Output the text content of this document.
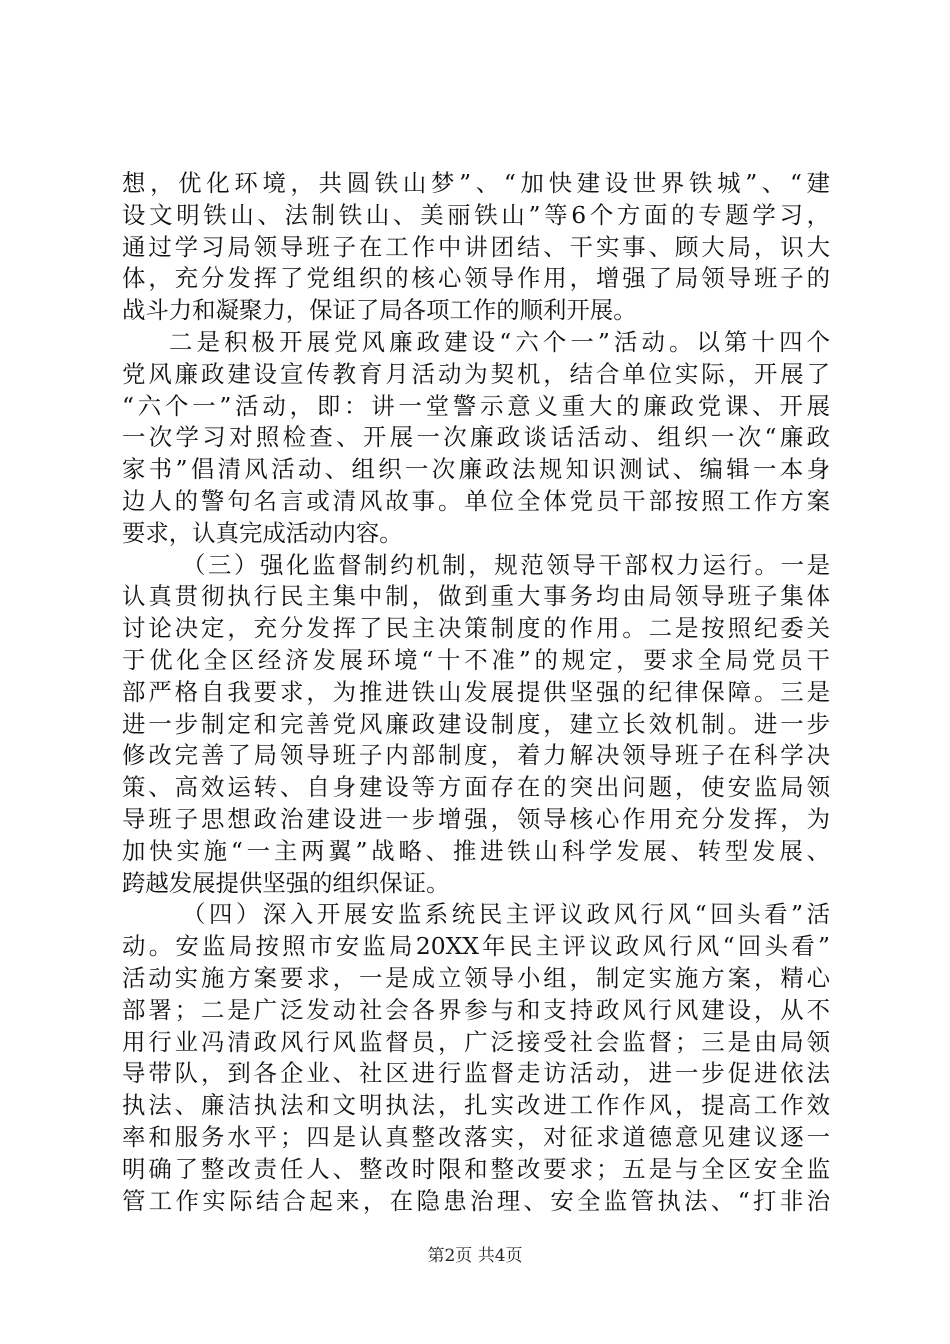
想，优化环境，共圆铁山梦”、“加快建设世界铁城”、“建
设文明铁山、法制铁山、美丽铁山”等6个方面的专题学习，
通过学习局领导班子在工作中讲团结、干实事、顾大局，识大
体，充分发挥了党组织的核心领导作用，增强了局领导班子的
战斗力和凝聚力，保证了局各项工作的顺利开展。
二是积极开展党风廉政建设“六个一”活动。以第十四个
党风廉政建设宣传教育月活动为契机，结合单位实际，开展了
“六个一”活动，即：讲一堂警示意义重大的廉政党课、开展
一次学习对照检查、开展一次廉政谈话活动、组织一次“廉政
家书”倡清风活动、组织一次廉政法规知识测试、编辑一本身
边人的警句名言或清风故事。单位全体党员干部按照工作方案
要求，认真完成活动内容。
（三）强化监督制约机制，规范领导干部权力运行。一是
认真贯彻执行民主集中制，做到重大事务均由局领导班子集体
讨论决定，充分发挥了民主决策制度的作用。二是按照纪委关
于优化全区经济发展环境“十不准”的规定，要求全局党员干
部严格自我要求，为推进铁山发展提供坚强的纪律保障。三是
进一步制定和完善党风廉政建设制度，建立长效机制。进一步
修改完善了局领导班子内部制度，着力解决领导班子在科学决
策、高效运转、自身建设等方面存在的突出问题，使安监局领
导班子思想政治建设进一步增强，领导核心作用充分发挥，为
加快实施“一主两翼”战略、推进铁山科学发展、转型发展、
跨越发展提供坚强的组织保证。
（四）深入开展安监系统民主评议政风行风“回头看”活
动。安监局按照市安监局20XX年民主评议政风行风“回头看”
活动实施方案要求，一是成立领导小组，制定实施方案，精心
部署；二是广泛发动社会各界参与和支持政风行风建设，从不
用行业冯清政风行风监督员，广泛接受社会监督；三是由局领
导带队，到各企业、社区进行监督走访活动，进一步促进依法
执法、廉洁执法和文明执法，扎实改进工作作风，提高工作效
率和服务水平；四是认真整改落实，对征求道德意见建议逐一
明确了整改责任人、整改时限和整改要求；五是与全区安全监
管工作实际结合起来，在隐患治理、安全监管执法、“打非治
第2页 共4页
